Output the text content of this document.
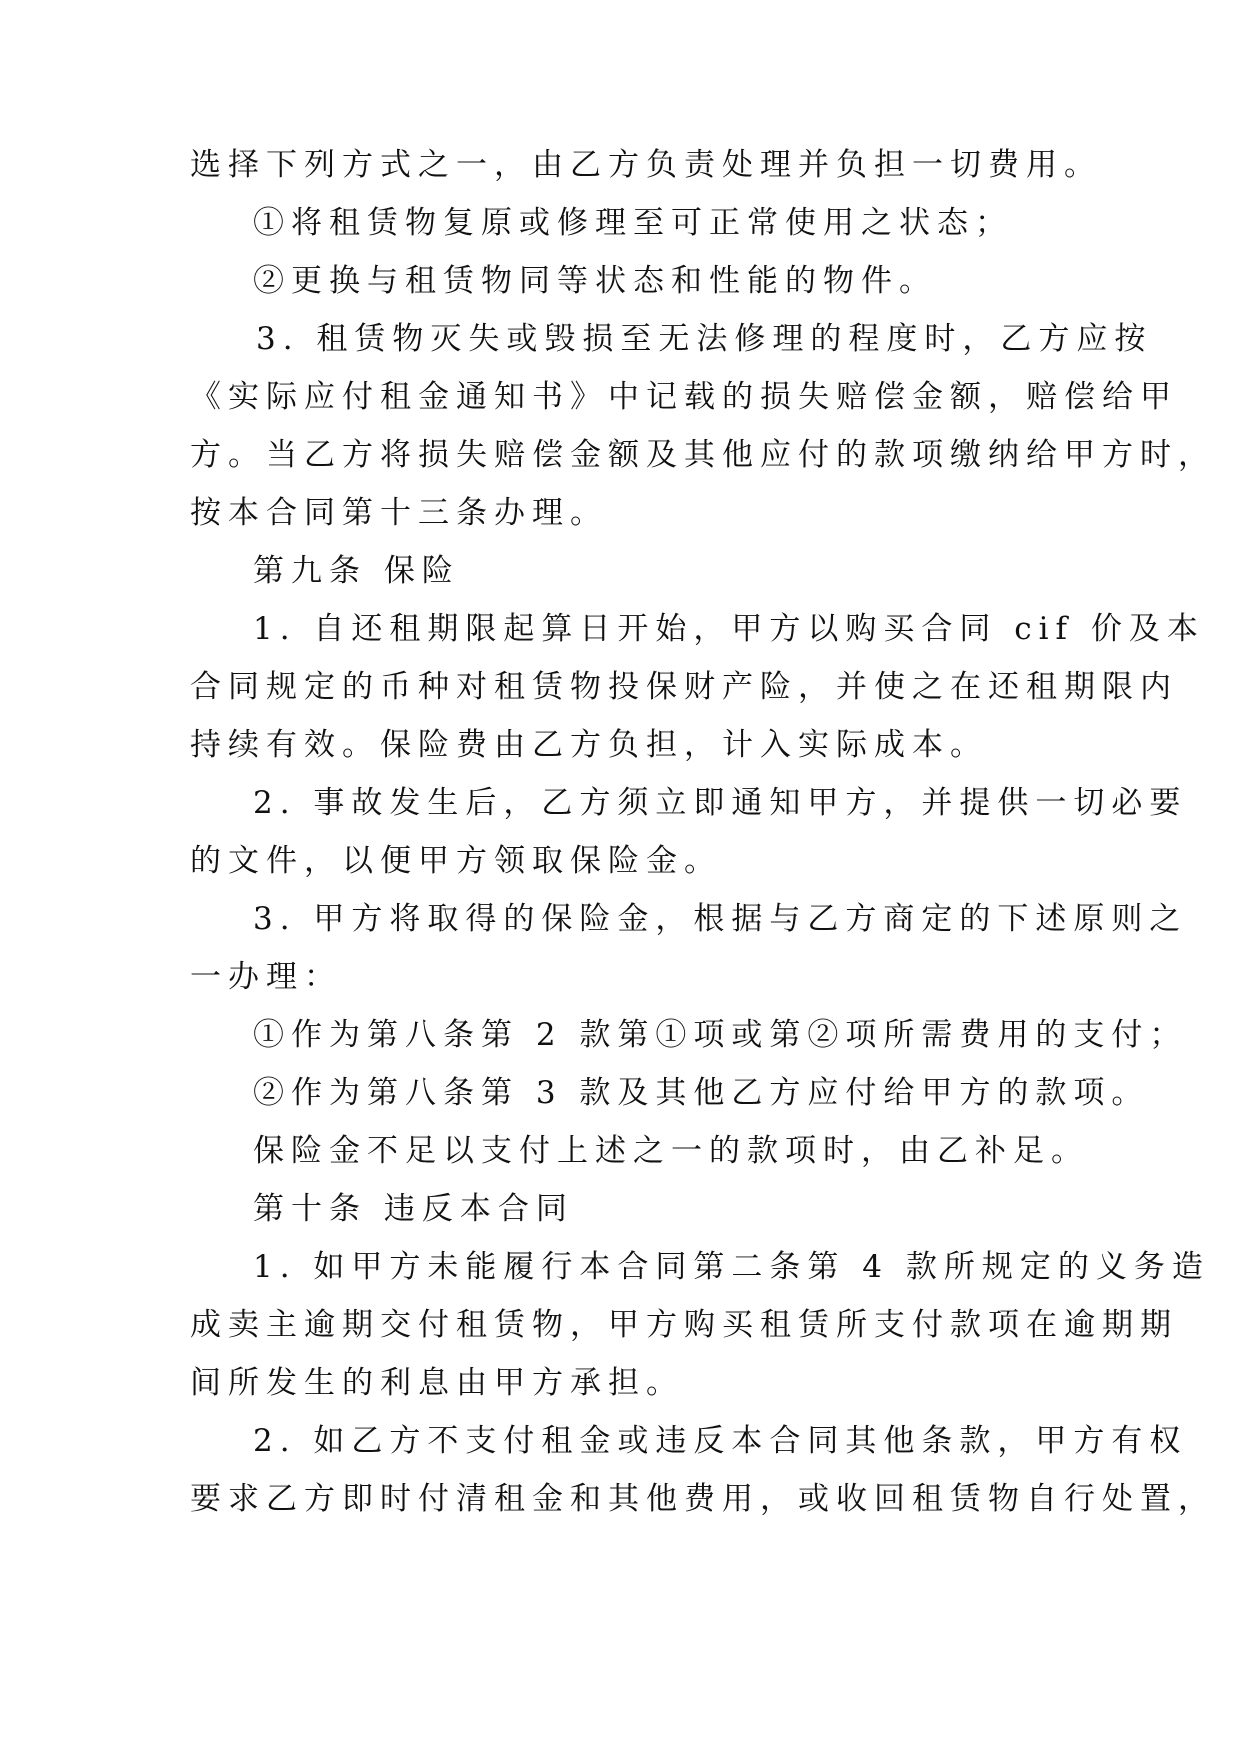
选择下列方式之一，由乙方负责处理并负担一切费用。
①将租赁物复原或修理至可正常使用之状态；
②更换与租赁物同等状态和性能的物件。
3. 租赁物灭失或毁损至无法修理的程度时，乙方应按
《实际应付租金通知书》中记载的损失赔偿金额，赔偿给甲
方。当乙方将损失赔偿金额及其他应付的款项缴纳给甲方时，
按本合同第十三条办理。
第九条 保险
1. 自还租期限起算日开始，甲方以购买合同 cif 价及本
合同规定的币种对租赁物投保财产险，并使之在还租期限内
持续有效。保险费由乙方负担，计入实际成本。
2. 事故发生后，乙方须立即通知甲方，并提供一切必要
的文件，以便甲方领取保险金。
3. 甲方将取得的保险金，根据与乙方商定的下述原则之
一办理：
①作为第八条第 2 款第①项或第②项所需费用的支付；
②作为第八条第 3 款及其他乙方应付给甲方的款项。
保险金不足以支付上述之一的款项时，由乙补足。
第十条 违反本合同
1. 如甲方未能履行本合同第二条第 4 款所规定的义务造
成卖主逾期交付租赁物，甲方购买租赁所支付款项在逾期期
间所发生的利息由甲方承担。
2. 如乙方不支付租金或违反本合同其他条款，甲方有权
要求乙方即时付清租金和其他费用，或收回租赁物自行处置，
